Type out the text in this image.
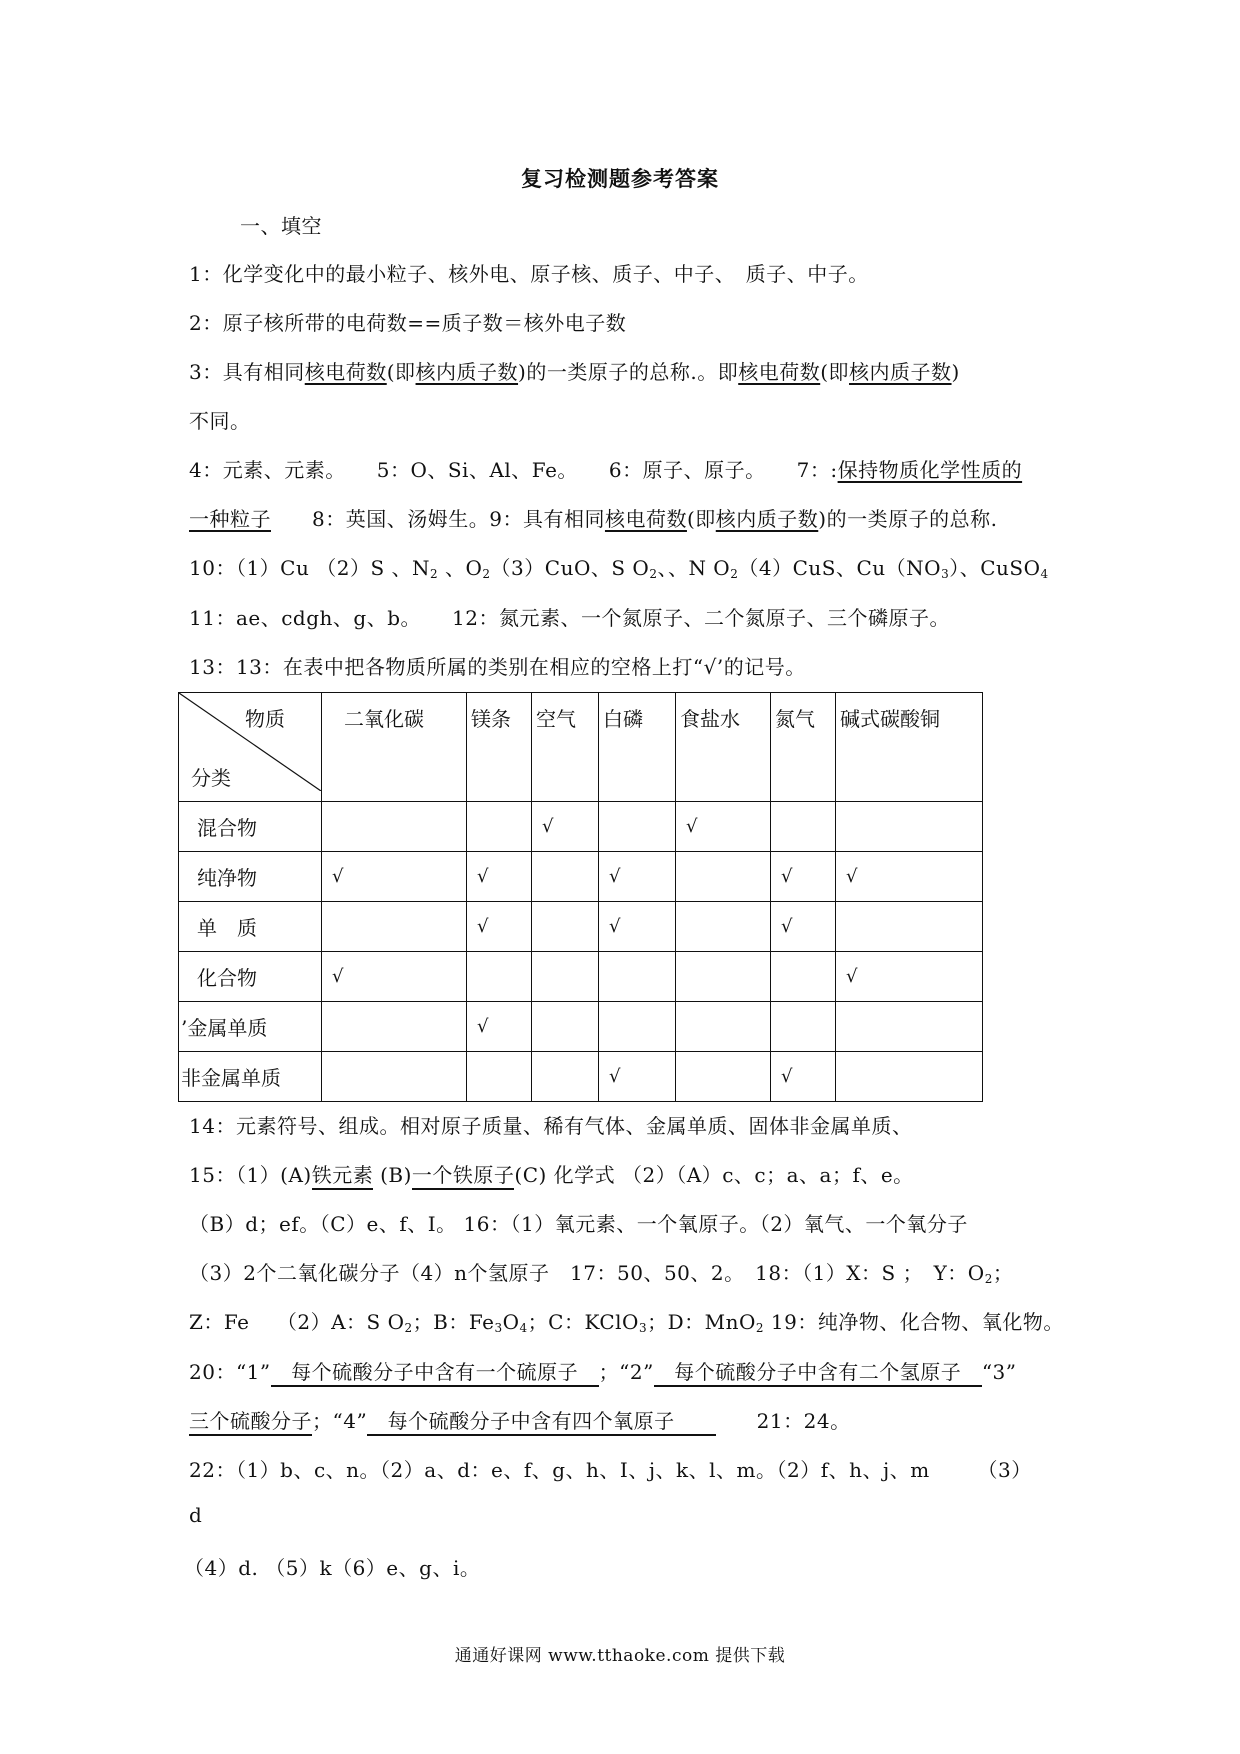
复习检测题参考答案
一、填空
1：化学变化中的最小粒子、核外电、原子核、质子、中子、　质子、中子。
2：原子核所带的电荷数==质子数＝核外电子数
3：具有相同核电荷数(即核内质子数)的一类原子的总称.。即核电荷数(即核内质子数)
不同。
4：元素、元素。　　5：O、Si、Al、Fe。　　6：原子、原子。　　7：:保持物质化学性质的
一种粒子　　8：英国、汤姆生。9：具有相同核电荷数(即核内质子数)的一类原子的总称.
10：（1）Cu （2）S 、$N_2$ 、$O_2(3)CuO$、S $O_2$、、N $O_2(4)CuS$、$Cu(NO_3)$、CuSO$_4$
11：ae、cdgh、g、b。　　12：氮元素、一个氮原子、二个氮原子、三个磷原子。
13：13：在表中把各物质所属的类别在相应的空格上打“√’的记号。
物质
分类	二氧化碳	镁条	空气	白磷	食盐水	氮气	碱式碳酸铜
混合物			√		√		
纯净物	√	√		√		√	√
单　质		√		√		√	
化合物	√						√
’金属单质		√					
非金属单质				√		√	
14：元素符号、组成。相对原子质量、稀有气体、金属单质、固体非金属单质、
15：（1）(A)铁元素 (B)一个铁原子(C) 化学式 （2）（A）c、c；a、a；f、e。
（B）d；ef。（C）e、f、I。 16：（1）氧元素、一个氧原子。（2）氧气、一个氧分子
（3）2个二氧化碳分子（4）n个氢原子　17：50、50、2。　18：（1）X：S ；　Y：$O_2$；
Z：Fe　 （2）A：S $O_2$；B：$Fe_3O_4$；C：KClO$_3$；D：MnO$_2$ 19：纯净物、化合物、氧化物。
20：“1”　每个硫酸分子中含有一个硫原子　；“2”　每个硫酸分子中含有二个氢原子　“3”
三个硫酸分子；“4”　每个硫酸分子中含有四个氧原子　　　　21：24。
22：（1）b、c、n。（2）a、d：e、f、g、h、I、j、k、l、m。（2）f、h、j、m　　 （3）
d
（4）d. （5）k（6）e、g、i。
通通好课网 www.tthaoke.com 提供下载
